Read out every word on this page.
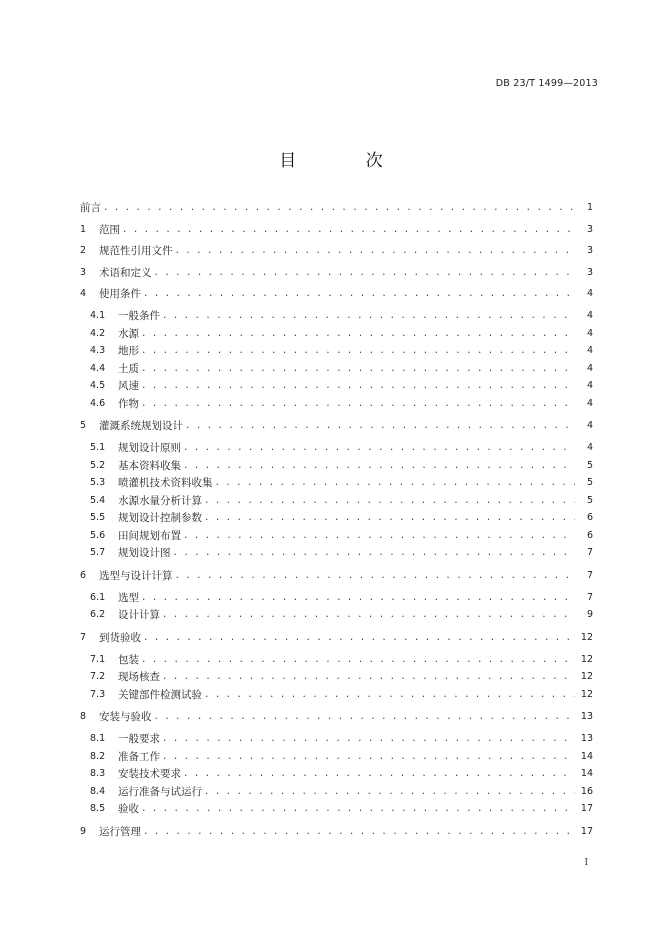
DB 23/T 1499—2013
目 次
前言 . . .	1
1	范围 . . .	3
2	规范性引用文件 . . .	3
3	术语和定义 . . .	3
4	使用条件 . . .	4
4.1	一般条件 . . .	4
4.2	水源 . . .	4
4.3	地形 . . .	4
4.4	土质 . . .	4
4.5	风速 . . .	4
4.6	作物 . . .	4
5	灌溉系统规划设计 . . .	4
5.1	规划设计原则 . . .	4
5.2	基本资料收集 . . .	5
5.3	喷灌机技术资料收集 . . .	5
5.4	水源水量分析计算 . . .	5
5.5	规划设计控制参数 . . .	6
5.6	田间规划布置 . . .	6
5.7	规划设计图 . . .	7
6	选型与设计计算 . . .	7
6.1	选型 . . .	7
6.2	设计计算 . . .	9
7	到货验收 . . .	12
7.1	包装 . . .	12
7.2	现场核查 . . .	12
7.3	关键部件检测试验 . . .	12
8	安装与验收 . . .	13
8.1	一般要求 . . .	13
8.2	准备工作 . . .	14
8.3	安装技术要求 . . .	14
8.4	运行准备与试运行 . . .	16
8.5	验收 . . .	17
9	运行管理 . . .	17
I
